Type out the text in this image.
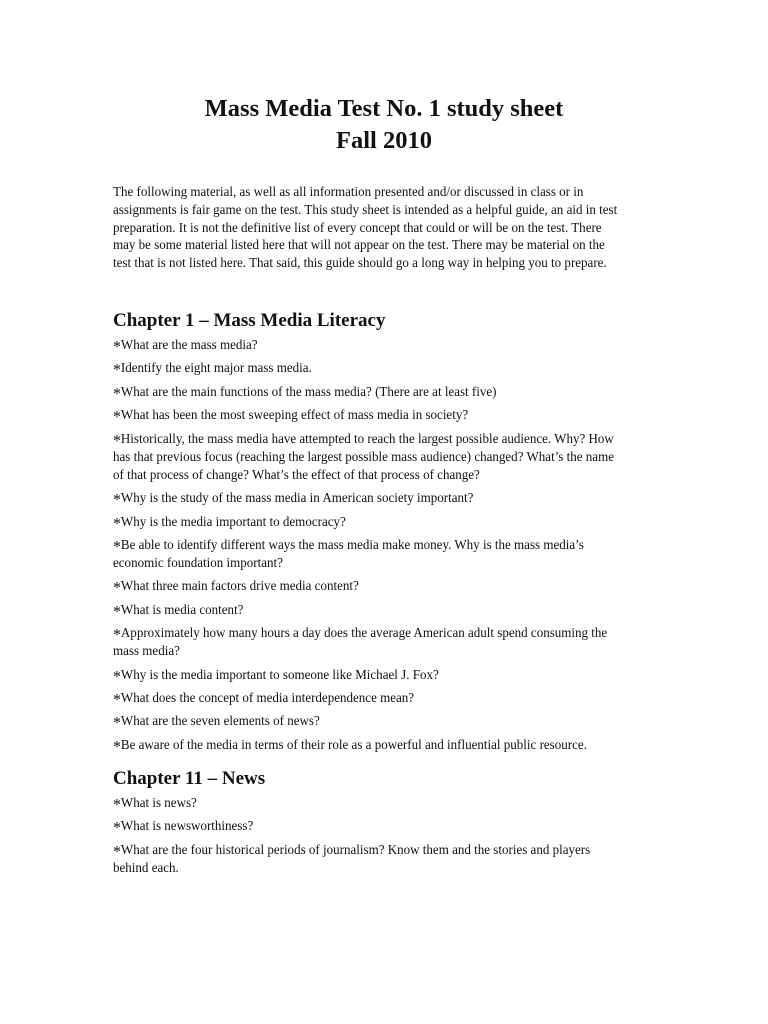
Mass Media Test No. 1 study sheet

Fall 2010

The following material, as well as all information presented and/or discussed in class or in assignments is fair game on the test. This study sheet is intended as a helpful guide, an aid in test preparation. It is not the definitive list of every concept that could or will be on the test. There may be some material listed here that will not appear on the test. There may be material on the test that is not listed here. That said, this guide should go a long way in helping you to prepare.

Chapter 1 – Mass Media Literacy
*What are the mass media?
*Identify the eight major mass media.
*What are the main functions of the mass media? (There are at least five)
*What has been the most sweeping effect of mass media in society?
*Historically, the mass media have attempted to reach the largest possible audience. Why? How has that previous focus (reaching the largest possible mass audience) changed? What’s the name of that process of change? What’s the effect of that process of change?
*Why is the study of the mass media in American society important?
*Why is the media important to democracy?
*Be able to identify different ways the mass media make money. Why is the mass media’s economic foundation important?
*What three main factors drive media content?
*What is media content?
*Approximately how many hours a day does the average American adult spend consuming the mass media?
*Why is the media important to someone like Michael J. Fox?
*What does the concept of media interdependence mean?
*What are the seven elements of news?
*Be aware of the media in terms of their role as a powerful and influential public resource.
Chapter 11 – News
*What is news?
*What is newsworthiness?
*What are the four historical periods of journalism? Know them and the stories and players behind each.
